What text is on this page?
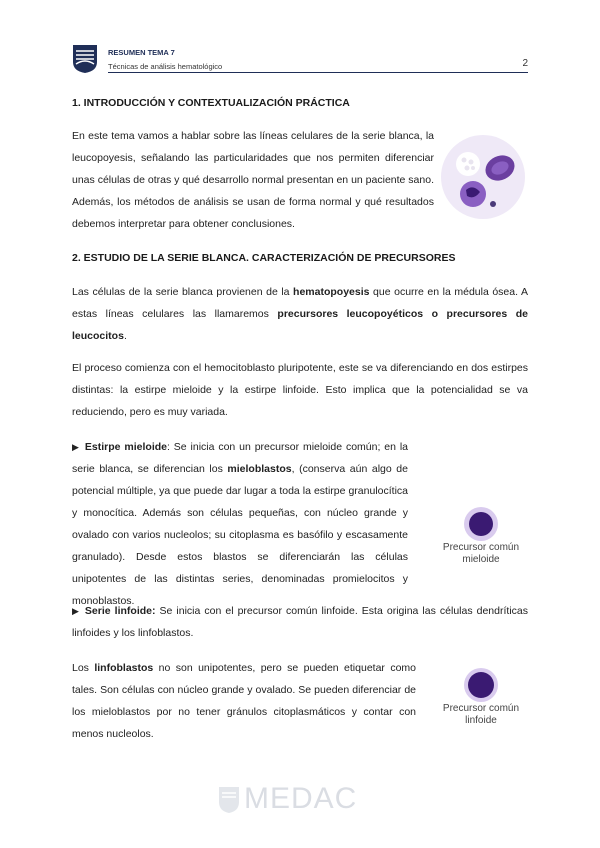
RESUMEN TEMA 7
Técnicas de análisis hematológico	2
1. INTRODUCCIÓN Y CONTEXTUALIZACIÓN PRÁCTICA

En este tema vamos a hablar sobre las líneas celulares de la serie blanca, la leucopoyesis, señalando las particularidades que nos permiten diferenciar unas células de otras y qué desarrollo normal presentan en un paciente sano. Además, los métodos de análisis se usan de forma normal y qué resultados debemos interpretar para obtener conclusiones.

2. ESTUDIO DE LA SERIE BLANCA. CARACTERIZACIÓN DE PRECURSORES

Las células de la serie blanca provienen de la hematopoyesis que ocurre en la médula ósea. A estas líneas celulares las llamaremos precursores leucopoyéticos o precursores de leucocitos.

El proceso comienza con el hemocitoblasto pluripotente, este se va diferenciando en dos estirpes distintas: la estirpe mieloide y la estirpe linfoide. Esto implica que la potencialidad se va reduciendo, pero es muy variada.

▶ Estirpe mieloide: Se inicia con un precursor mieloide común; en la serie blanca, se diferencian los mieloblastos, (conserva aún algo de potencial múltiple, ya que puede dar lugar a toda la estirpe granulocítica y monocítica. Además son células pequeñas, con núcleo grande y ovalado con varios nucleolos; su citoplasma es basófilo y escasamente granulado). Desde estos blastos se diferenciarán las células unipotentes de las distintas series, denominadas promielocitos y monoblastos.

Precursor común
mieloide

▶ Serie linfoide: Se inicia con el precursor común linfoide. Esta origina las células dendríticas linfoides y los linfoblastos.

Los linfoblastos no son unipotentes, pero se pueden etiquetar como tales. Son células con núcleo grande y ovalado. Se pueden diferenciar de los mieloblastos por no tener gránulos citoplasmáticos y contar con menos nucleolos.

Precursor común
linfoide
MEDAC
